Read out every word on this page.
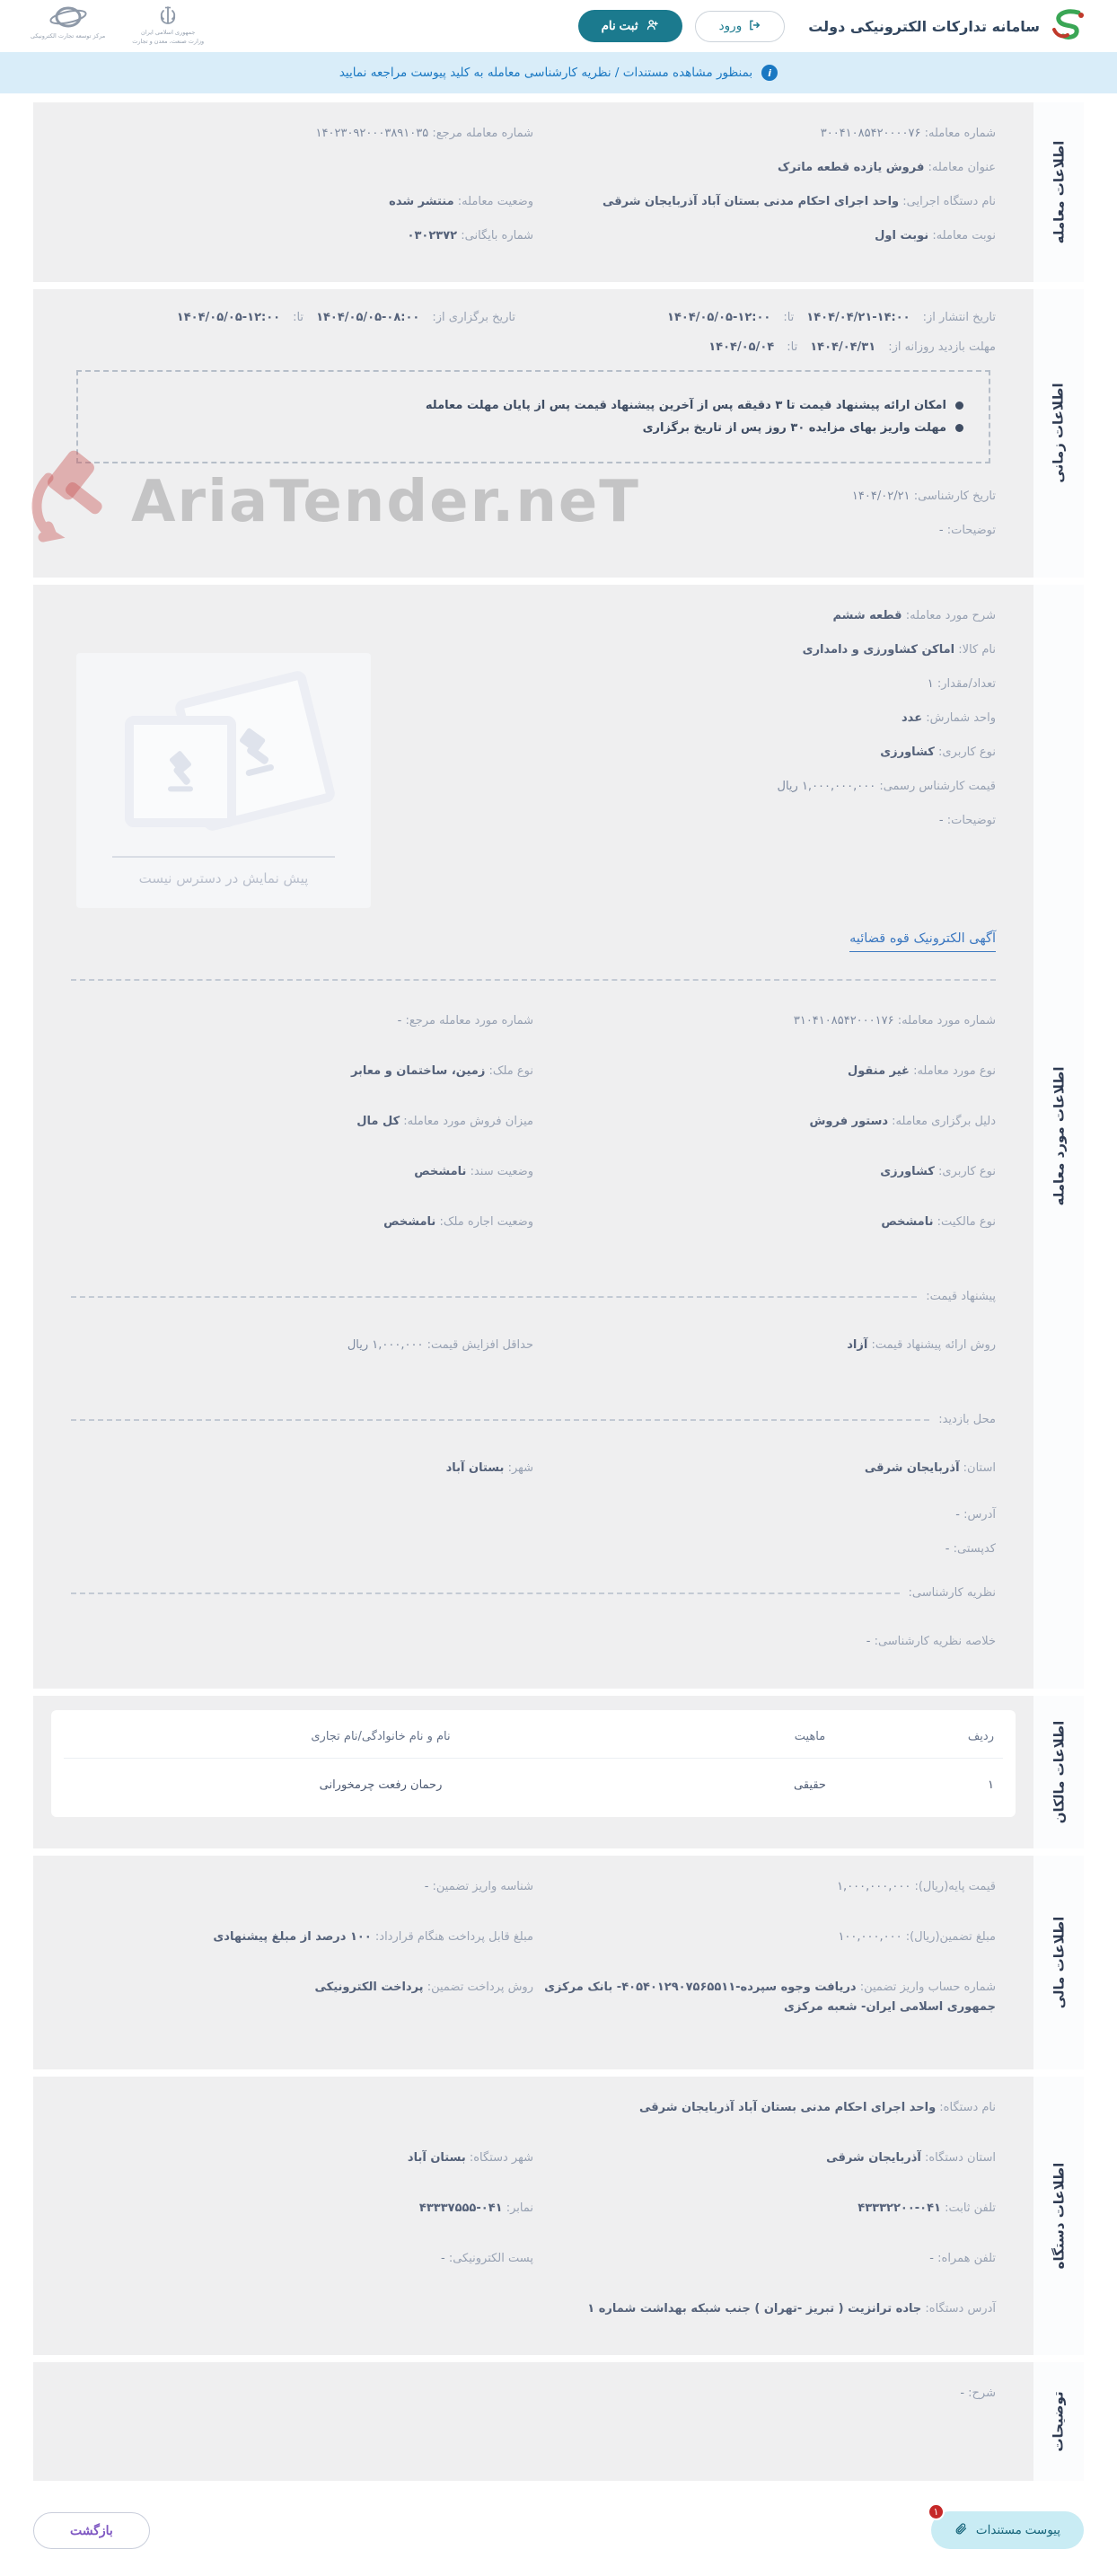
سامانه تدارکات الکترونیکی دولت
ورود
ثبت نام
مرکز توسعه تجارت الکترونیکی	جمهوری اسلامی ایران
وزارت صنعت، معدن و تجارت
i
بمنظور مشاهده مستندات / نظریه کارشناسی معامله به کلید پیوست مراجعه نمایید
اطلاعات معامله
شماره معامله: ۳۰۰۴۱۰۸۵۴۲۰۰۰۰۷۶
شماره معامله مرجع: ۱۴۰۲۳۰۹۲۰۰۰۳۸۹۱۰۳۵
عنوان معامله: فروش یازده قطعه ماترک
نام دستگاه اجرایی: واحد اجرای احکام مدنی بستان آباد آذربایجان شرقی
وضعیت معامله: منتشر شده
نوبت معامله: نوبت اول
شماره بایگانی: ۰۳۰۲۳۷۲
اطلاعات زمانی
تاریخ انتشار از:
۱۴۰۴/۰۴/۲۱-۱۴:۰۰
تا:
۱۴۰۴/۰۵/۰۵-۱۲:۰۰
تاریخ برگزاری از:
۱۴۰۴/۰۵/۰۵-۰۸:۰۰
تا:
۱۴۰۴/۰۵/۰۵-۱۲:۰۰
مهلت بازدید روزانه از:
۱۴۰۴/۰۴/۳۱
تا:
۱۴۰۴/۰۵/۰۴
امکان ارائه پیشنهاد قیمت تا ۳ دقیقه پس از آخرین پیشنهاد قیمت پس از پایان مهلت معامله
مهلت واریز بهای مزایده ۳۰ روز پس از تاریخ برگزاری
تاریخ کارشناسی: ۱۴۰۴/۰۲/۲۱
توضیحات: -
اطلاعات مورد معامله
شرح مورد معامله: قطعه ششم
نام کالا: اماکن کشاورزی و دامداری
تعداد/مقدار: ۱
واحد شمارش: عدد
نوع کاربری: کشاورزی
قیمت کارشناس رسمی: ۱,۰۰۰,۰۰۰,۰۰۰ ریال
توضیحات: -
پیش نمایش در دسترس نیست
آگهی الکترونیک قوه قضائیه
شماره مورد معامله: ۳۱۰۴۱۰۸۵۴۲۰۰۰۱۷۶
شماره مورد معامله مرجع: -
نوع مورد معامله: غیر منقول
نوع ملک: زمین، ساختمان و معابر
دلیل برگزاری معامله: دستور فروش
میزان فروش مورد معامله: کل مال
نوع کاربری: کشاورزی
وضعیت سند: نامشخص
نوع مالکیت: نامشخص
وضعیت اجاره ملک: نامشخص
پیشنهاد قیمت:
روش ارائه پیشنهاد قیمت: آزاد
حداقل افزایش قیمت: ۱,۰۰۰,۰۰۰ ریال
محل بازدید:
استان: آذربایجان شرقی
شهر: بستان آباد
آدرس: -
کدپستی: -
نظریه کارشناسی:
خلاصه نظریه کارشناسی: -
اطلاعات مالکان
ردیف
ماهیت
نام و نام خانوادگی/نام تجاری
۱
حقیقی
رحمان رفعت چرمخورانی
اطلاعات مالی
قیمت پایه(ریال): ۱,۰۰۰,۰۰۰,۰۰۰
شناسه واریز تضمین: -
مبلغ تضمین(ریال): ۱۰۰,۰۰۰,۰۰۰
مبلغ قابل پرداخت هنگام قرارداد: ۱۰۰ درصد از مبلغ پیشنهادی
شماره حساب واریز تضمین: دریافت وجوه سپرده-۴۰۵۴۰۱۲۹۰۷۵۶۵۵۱۱- بانک مرکزی جمهوری اسلامی ایران- شعبه مرکزی
روش پرداخت تضمین: پرداخت الکترونیکی
اطلاعات دستگاه
نام دستگاه: واحد اجرای احکام مدنی بستان آباد آذربایجان شرقی
استان دستگاه: آذربایجان شرقی
شهر دستگاه: بستان آباد
تلفن ثابت: ۰۴۱-۴۳۳۳۲۲۰۰
نمابر: ۰۴۱-۴۳۳۳۷۵۵۵
تلفن همراه: -
پست الکترونیکی: -
آدرس دستگاه: جاده ترانزیت ( تبریز -تهران ) جنب شبکه بهداشت شماره ۱
توضیحات
شرح: -
۱
پیوست مستندات
بازگشت
AriaTender.neT
